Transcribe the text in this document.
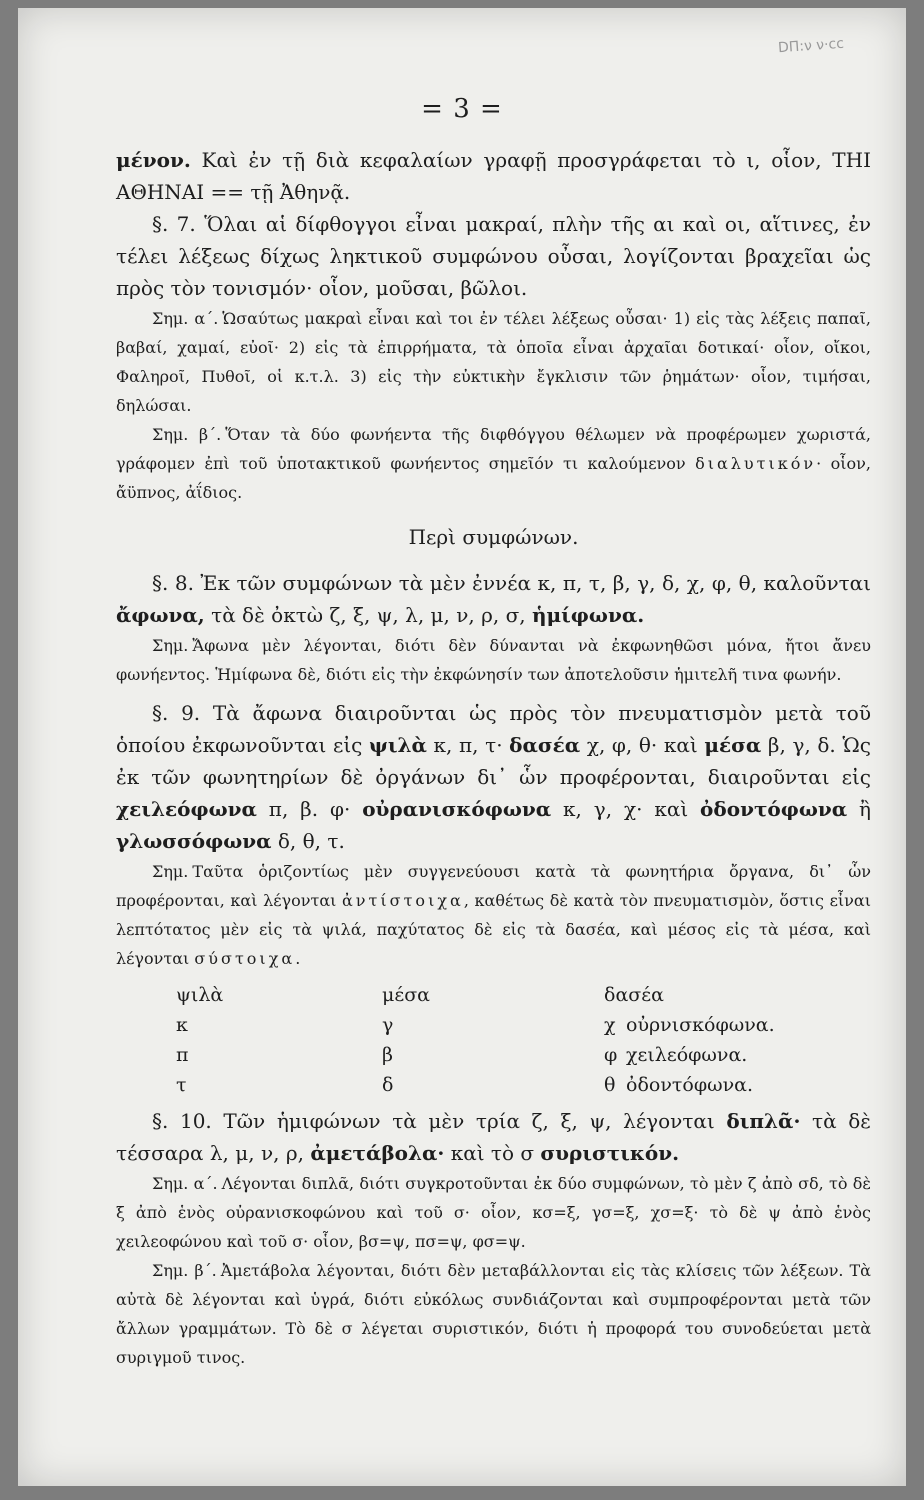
DΠ:ν ν·ϲc
= 3 =

μένον. Καὶ ἐν τῇ διὰ κεφαλαίων γραφῇ προσγράφεται τὸ ι, οἷον, ΤΗΙ ΑΘΗΝΑΙ == τῇ Ἀθηνᾷ.

§. 7. Ὅλαι αἱ δίφθογγοι εἶναι μακραί, πλὴν τῆς αι καὶ οι, αἵτινες, ἐν τέλει λέξεως δίχως ληκτικοῦ συμφώνου οὖσαι, λογίζονται βραχεῖαι ὡς πρὸς τὸν τονισμόν· οἷον, μοῦσαι, βῶλοι.

Σημ. α΄. Ὡσαύτως μακραὶ εἶναι καὶ τοι ἐν τέλει λέξεως οὖσαι· 1) εἰς τὰς λέξεις παπαῖ, βαβαί, χαμαί, εὐοῖ· 2) εἰς τὰ ἐπιρρήματα, τὰ ὁποῖα εἶναι ἀρχαῖαι δοτικαί· οἷον, οἴκοι, Φαληροῖ, Πυθοῖ, οἱ κ.τ.λ. 3) εἰς τὴν εὐκτικὴν ἔγκλισιν τῶν ῥημάτων· οἷον, τιμήσαι, δηλώσαι.

Σημ. β΄. Ὅταν τὰ δύο φωνήεντα τῆς διφθόγγου θέλωμεν νὰ προφέρωμεν χωριστά, γράφομεν ἐπὶ τοῦ ὑποτακτικοῦ φωνήεντος σημεῖόν τι καλούμενον διαλυτικόν· οἷον, ἄϋπνος, ἀΐδιος.

Περὶ συμφώνων.

§. 8. Ἐκ τῶν συμφώνων τὰ μὲν ἐννέα κ, π, τ, β, γ, δ, χ, φ, θ, καλοῦνται ἄφωνα, τὰ δὲ ὀκτὼ ζ, ξ, ψ, λ, μ, ν, ρ, σ, ἡμίφωνα.

Σημ. Ἄφωνα μὲν λέγονται, διότι δὲν δύνανται νὰ ἐκφωνηθῶσι μόνα, ἤτοι ἄνευ φωνήεντος. Ἡμίφωνα δὲ, διότι εἰς τὴν ἐκφώνησίν των ἀποτελοῦσιν ἡμιτελῆ τινα φωνήν.

§. 9. Τὰ ἄφωνα διαιροῦνται ὡς πρὸς τὸν πνευματισμὸν μετὰ τοῦ ὁποίου ἐκφωνοῦνται εἰς ψιλὰ κ, π, τ· δασέα χ, φ, θ· καὶ μέσα β, γ, δ. Ὡς ἐκ τῶν φωνητηρίων δὲ ὀργάνων δι᾽ ὧν προφέρονται, διαιροῦνται εἰς χειλεόφωνα π, β. φ· οὐρανισκόφωνα κ, γ, χ· καὶ ὀδοντόφωνα ἢ γλωσσόφωνα δ, θ, τ.

Σημ. Ταῦτα ὁριζοντίως μὲν συγγενεύουσι κατὰ τὰ φωνητήρια ὄργανα, δι᾽ ὧν προφέρονται, καὶ λέγονται ἀντίστοιχα, καθέτως δὲ κατὰ τὸν πνευματισμὸν, ὅστις εἶναι λεπτότατος μὲν εἰς τὰ ψιλά, παχύτατος δὲ εἰς τὰ δασέα, καὶ μέσος εἰς τὰ μέσα, καὶ λέγονται σύστοιχα.

ψιλὰ
κ
π
τ
μέσα
γ
β
δ
δασέα
χ
φ
θ
οὐρνισκόφωνα.
χειλεόφωνα.
ὀδοντόφωνα.

§. 10. Τῶν ἡμιφώνων τὰ μὲν τρία ζ, ξ, ψ, λέγονται διπλᾶ· τὰ δὲ τέσσαρα λ, μ, ν, ρ, ἀμετάβολα· καὶ τὸ σ συριστικόν.

Σημ. α΄. Λέγονται διπλᾶ, διότι συγκροτοῦνται ἐκ δύο συμφώνων, τὸ μὲν ζ ἀπὸ σδ, τὸ δὲ ξ ἀπὸ ἑνὸς οὐρανισκοφώνου καὶ τοῦ σ· οἷον, κσ=ξ, γσ=ξ, χσ=ξ· τὸ δὲ ψ ἀπὸ ἑνὸς χειλεοφώνου καὶ τοῦ σ· οἷον, βσ=ψ, πσ=ψ, φσ=ψ.

Σημ. β΄. Ἀμετάβολα λέγονται, διότι δὲν μεταβάλλονται εἰς τὰς κλίσεις τῶν λέξεων. Τὰ αὐτὰ δὲ λέγονται καὶ ὑγρά, διότι εὐκόλως συνδιάζονται καὶ συμπροφέρονται μετὰ τῶν ἄλλων γραμμάτων. Τὸ δὲ σ λέγεται συριστικόν, διότι ἡ προφορά του συνοδεύεται μετὰ συριγμοῦ τινος.
